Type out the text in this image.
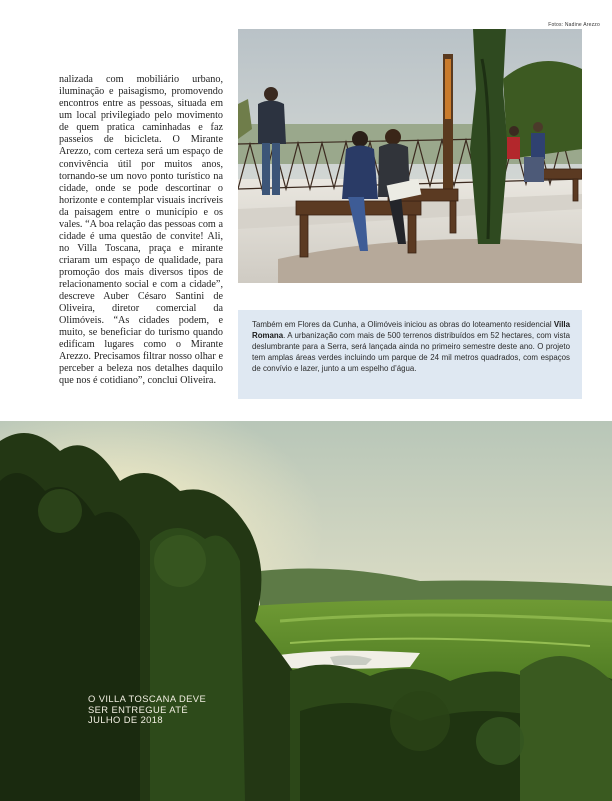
Fotos: Nadine Arezzo

nalizada com mobiliário urbano, iluminação e paisagismo, promovendo encontros entre as pessoas, situada em um local privilegiado pelo movimento de quem pratica caminhadas e faz passeios de bicicleta. O Mirante Arezzo, com certeza será um espaço de convivência útil por muitos anos, tornando-se um novo ponto turístico na cidade, onde se pode descortinar o horizonte e contemplar visuais incríveis da paisagem entre o município e os vales. “A boa relação das pessoas com a cidade é uma questão de convite! Ali, no Villa Toscana, praça e mirante criaram um espaço de qualidade, para promoção dos mais diversos tipos de relacionamento social e com a cidade”, descreve Auber Césaro Santini de Oliveira, diretor comercial da Olimóveis. “As cidades podem, e muito, se beneficiar do turismo quando edificam lugares como o Mirante Arezzo. Precisamos filtrar nosso olhar e perceber a beleza nos detalhes daquilo que nos é cotidiano”, conclui Oliveira.

Também em Flores da Cunha, a Olimóveis iniciou as obras do loteamento residencial Villa Romana. A urbanização com mais de 500 terrenos distribuídos em 52 hectares, com vista deslumbrante para a Serra, será lançada ainda no primeiro semestre deste ano. O projeto tem amplas áreas verdes incluindo um parque de 24 mil metros quadrados, com espaços de convívio e lazer, junto a um espelho d’água.

O VILLA TOSCANA DEVE SER ENTREGUE ATÉ JULHO DE 2018
